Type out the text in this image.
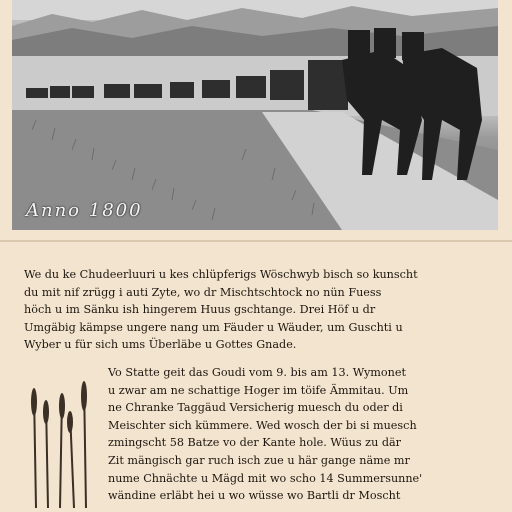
Anno 1800
We du ke Chudeerluuri u kes chlüpferigs Wöschwyb bisch so kunscht
du mit nif zrügg i auti Zyte, wo dr Mischtschtock no nün Fuess
höch u im Sänku ish hingerem Huus gschtange. Drei Höf u dr
Umgäbig kämpse ungere nang um Fäuder u Wäuder, um Guschti u
Wyber u für sich ums Überläbe u Gottes Gnade.
Vo Statte geit das Goudi vom 9. bis am 13. Wymonet
u zwar am ne schattige Hoger im töife Ämmitau. Um
ne Chranke Taggäud Versicherig muesch du oder di
Meischter sich kümmere. Wed wosch der bi si muesch
zmingscht 58 Batze vo der Kante hole. Wüus zu där
Zit mängisch gar ruch isch zue u här gange näme mr
nume Chnächte u Mägd mit wo scho 14 Summersunne'
wändine erläbt hei u wo wüsse wo Bartli dr Moscht
